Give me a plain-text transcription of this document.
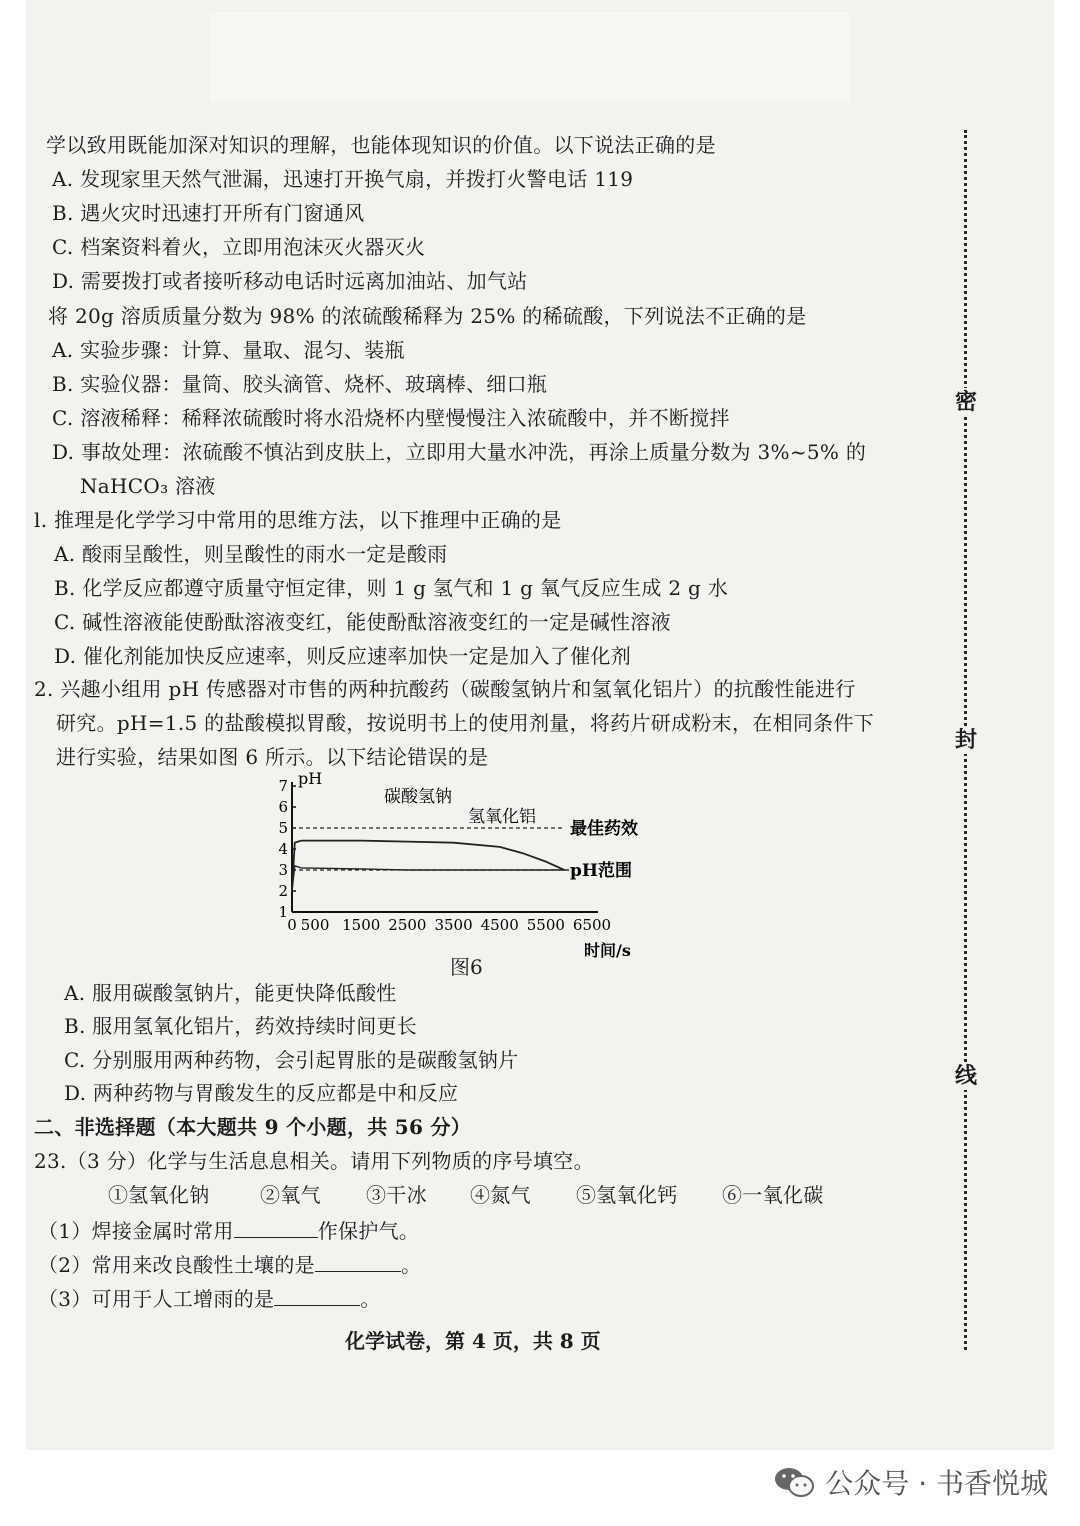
学以致用既能加深对知识的理解，也能体现知识的价值。以下说法正确的是
A. 发现家里天然气泄漏，迅速打开换气扇，并拨打火警电话 119
B. 遇火灾时迅速打开所有门窗通风
C. 档案资料着火，立即用泡沫灭火器灭火
D. 需要拨打或者接听移动电话时远离加油站、加气站
将 20g 溶质质量分数为 98% 的浓硫酸稀释为 25% 的稀硫酸，下列说法不正确的是
A. 实验步骤：计算、量取、混匀、装瓶
B. 实验仪器：量筒、胶头滴管、烧杯、玻璃棒、细口瓶
C. 溶液稀释：稀释浓硫酸时将水沿烧杯内壁慢慢注入浓硫酸中，并不断搅拌
D. 事故处理：浓硫酸不慎沾到皮肤上，立即用大量水冲洗，再涂上质量分数为 3%~5% 的
NaHCO₃ 溶液
l. 推理是化学学习中常用的思维方法，以下推理中正确的是
A. 酸雨呈酸性，则呈酸性的雨水一定是酸雨
B. 化学反应都遵守质量守恒定律，则 1 g 氢气和 1 g 氧气反应生成 2 g 水
C. 碱性溶液能使酚酞溶液变红，能使酚酞溶液变红的一定是碱性溶液
D. 催化剂能加快反应速率，则反应速率加快一定是加入了催化剂
2. 兴趣小组用 pH 传感器对市售的两种抗酸药（碳酸氢钠片和氢氧化铝片）的抗酸性能进行
研究。pH=1.5 的盐酸模拟胃酸，按说明书上的使用剂量，将药片研成粉末，在相同条件下
进行实验，结果如图 6 所示。以下结论错误的是
1
2
3
4
5
6
7
0 500 1500 2500 3500 4500 5500 6500
pH
时间/s
最佳药效
pH范围
碳酸氢钠
氢氧化铝
图6
A. 服用碳酸氢钠片，能更快降低酸性
B. 服用氢氧化铝片，药效持续时间更长
C. 分别服用两种药物，会引起胃胀的是碳酸氢钠片
D. 两种药物与胃酸发生的反应都是中和反应
二、非选择题（本大题共 9 个小题，共 56 分）
23.（3 分）化学与生活息息相关。请用下列物质的序号填空。
①氢氧化钠	②氧气 ③干冰 ④氮气 ⑤氢氧化钙 ⑥一氧化碳
（1）焊接金属时常用	作保护气。
（2）常用来改良酸性土壤的是	。
（3）可用于人工增雨的是	。
化学试卷，第 4 页，共 8 页
密
封
线
公众号 · 书香悦城
